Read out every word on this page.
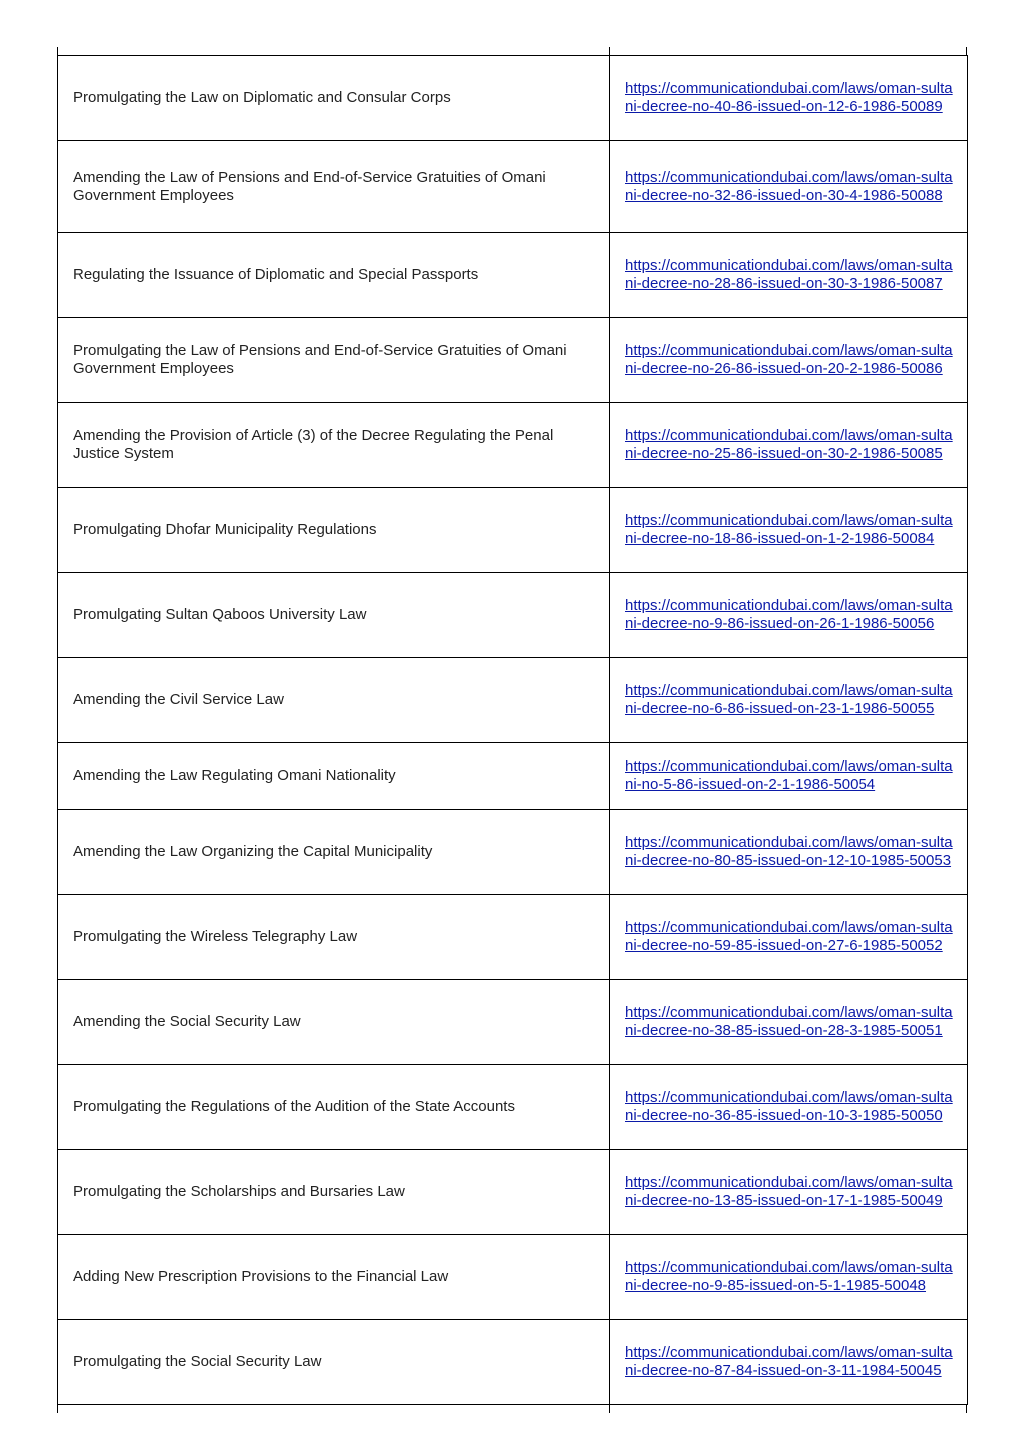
Promulgating the Law on Diplomatic and Consular Corps	https://communicationdubai.com/laws/oman-sultani-decree-no-40-86-issued-on-12-6-1986-50089
Amending the Law of Pensions and End-of-Service Gratuities of Omani Government Employees	https://communicationdubai.com/laws/oman-sultani-decree-no-32-86-issued-on-30-4-1986-50088
Regulating the Issuance of Diplomatic and Special Passports	https://communicationdubai.com/laws/oman-sultani-decree-no-28-86-issued-on-30-3-1986-50087
Promulgating the Law of Pensions and End-of-Service Gratuities of Omani Government Employees	https://communicationdubai.com/laws/oman-sultani-decree-no-26-86-issued-on-20-2-1986-50086
Amending the Provision of Article (3) of the Decree Regulating the Penal Justice System	https://communicationdubai.com/laws/oman-sultani-decree-no-25-86-issued-on-30-2-1986-50085
Promulgating Dhofar Municipality Regulations	https://communicationdubai.com/laws/oman-sultani-decree-no-18-86-issued-on-1-2-1986-50084
Promulgating Sultan Qaboos University Law	https://communicationdubai.com/laws/oman-sultani-decree-no-9-86-issued-on-26-1-1986-50056
Amending the Civil Service Law	https://communicationdubai.com/laws/oman-sultani-decree-no-6-86-issued-on-23-1-1986-50055
Amending the Law Regulating Omani Nationality	https://communicationdubai.com/laws/oman-sultani-no-5-86-issued-on-2-1-1986-50054
Amending the Law Organizing the Capital Municipality	https://communicationdubai.com/laws/oman-sultani-decree-no-80-85-issued-on-12-10-1985-50053
Promulgating the Wireless Telegraphy Law	https://communicationdubai.com/laws/oman-sultani-decree-no-59-85-issued-on-27-6-1985-50052
Amending the Social Security Law	https://communicationdubai.com/laws/oman-sultani-decree-no-38-85-issued-on-28-3-1985-50051
Promulgating the Regulations of the Audition of the State Accounts	https://communicationdubai.com/laws/oman-sultani-decree-no-36-85-issued-on-10-3-1985-50050
Promulgating the Scholarships and Bursaries Law	https://communicationdubai.com/laws/oman-sultani-decree-no-13-85-issued-on-17-1-1985-50049
Adding New Prescription Provisions to the Financial Law	https://communicationdubai.com/laws/oman-sultani-decree-no-9-85-issued-on-5-1-1985-50048
Promulgating the Social Security Law	https://communicationdubai.com/laws/oman-sultani-decree-no-87-84-issued-on-3-11-1984-50045
